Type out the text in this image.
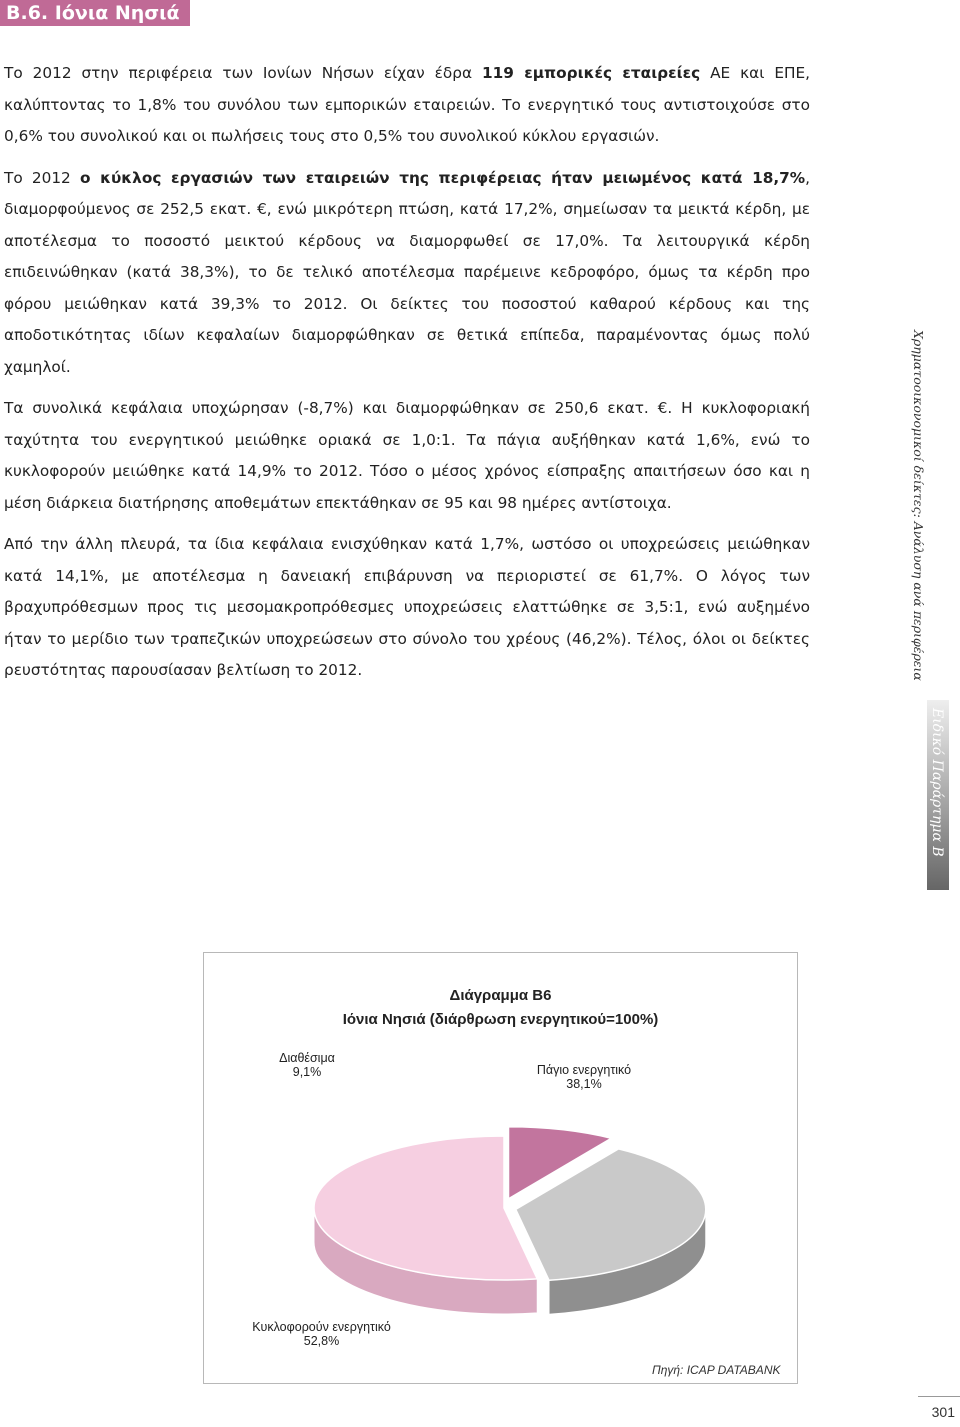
Β.6. Ιόνια Νησιά

Το 2012 στην περιφέρεια των Ιονίων Νήσων είχαν έδρα 119 εμπορικές εταιρείες ΑΕ και ΕΠΕ, καλύπτοντας το 1,8% του συνόλου των εμπορικών εταιρειών. Το ενεργητικό τους αντιστοιχούσε στο 0,6% του συνολικού και οι πωλήσεις τους στο 0,5% του συνολικού κύκλου εργασιών.

Το 2012 ο κύκλος εργασιών των εταιρειών της περιφέρειας ήταν μειωμένος κατά 18,7%, διαμορφούμενος σε 252,5 εκατ. €, ενώ μικρότερη πτώση, κατά 17,2%, σημείωσαν τα μεικτά κέρδη, με αποτέλεσμα το ποσοστό μεικτού κέρδους να διαμορφωθεί σε 17,0%. Τα λειτουργικά κέρδη επιδεινώθηκαν (κατά 38,3%), το δε τελικό αποτέλεσμα παρέμεινε κεδροφόρο, όμως τα κέρδη προ φόρου μειώθηκαν κατά 39,3% το 2012. Οι δείκτες του ποσοστού καθαρού κέρδους και της αποδοτικότητας ιδίων κεφαλαίων διαμορφώθηκαν σε θετικά επίπεδα, παραμένοντας όμως πολύ χαμηλοί.

Τα συνολικά κεφάλαια υποχώρησαν (-8,7%) και διαμορφώθηκαν σε 250,6 εκατ. €. Η κυκλοφοριακή ταχύτητα του ενεργητικού μειώθηκε οριακά σε 1,0:1. Τα πάγια αυξήθηκαν κατά 1,6%, ενώ το κυκλοφορούν μειώθηκε κατά 14,9% το 2012. Τόσο ο μέσος χρόνος είσπραξης απαιτήσεων όσο και η μέση διάρκεια διατήρησης αποθεμάτων επεκτάθηκαν σε 95 και 98 ημέρες αντίστοιχα.

Από την άλλη πλευρά, τα ίδια κεφάλαια ενισχύθηκαν κατά 1,7%, ωστόσο οι υποχρεώσεις μειώθηκαν κατά 14,1%, με αποτέλεσμα η δανειακή επιβάρυνση να περιοριστεί σε 61,7%. Ο λόγος των βραχυπρόθεσμων προς τις μεσομακροπρόθεσμες υποχρεώσεις ελαττώθηκε σε 3,5:1, ενώ αυξημένο ήταν το μερίδιο των τραπεζικών υποχρεώσεων στο σύνολο του χρέους (46,2%). Τέλος, όλοι οι δείκτες ρευστότητας παρουσίασαν βελτίωση το 2012.	Χρηματοοικονομικοί δείκτες: Ανάλυση ανά περιφέρεια
Ειδικό Παράρτημα Β
Διάγραμμα Β6
Ιόνια Νησιά (διάρθρωση ενεργητικού=100%)
Διαθέσιμα
9,1%	Πάγιο ενεργητικό
38,1%
Κυκλοφορούν ενεργητικό
52,8%
Πηγή: ICAP DATABANK
301
